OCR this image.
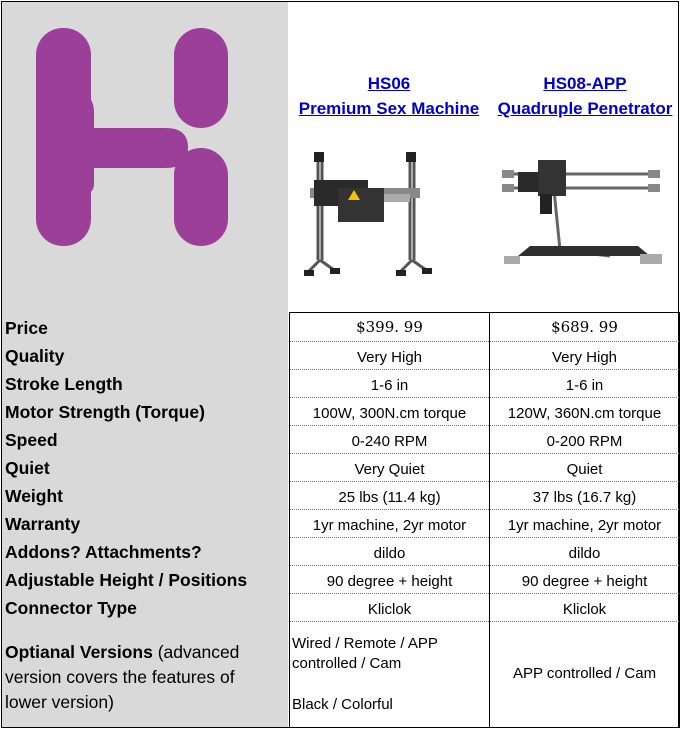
HS06
Premium Sex Machine
HS08-APP
Quadruple Penetrator
Price
Quality
Stroke Length
Motor Strength (Torque)
Speed
Quiet
Weight
Warranty
Addons? Attachments?
Adjustable Height / Positions
Connector Type
$399. 99
Very High
1-6 in
100W, 300N.cm torque
0-240 RPM
Very Quiet
25 lbs (11.4 kg)
1yr machine, 2yr motor
dildo
90 degree + height
Kliclok
$689. 99
Very High
1-6 in
120W, 360N.cm torque
0-200 RPM
Quiet
37 lbs (16.7 kg)
1yr machine, 2yr motor
dildo
90 degree + height
Kliclok
Optianal Versions (advanced version covers the features of lower version)
Wired / Remote / APP controlled / Cam
Black / Colorful
APP controlled / Cam
